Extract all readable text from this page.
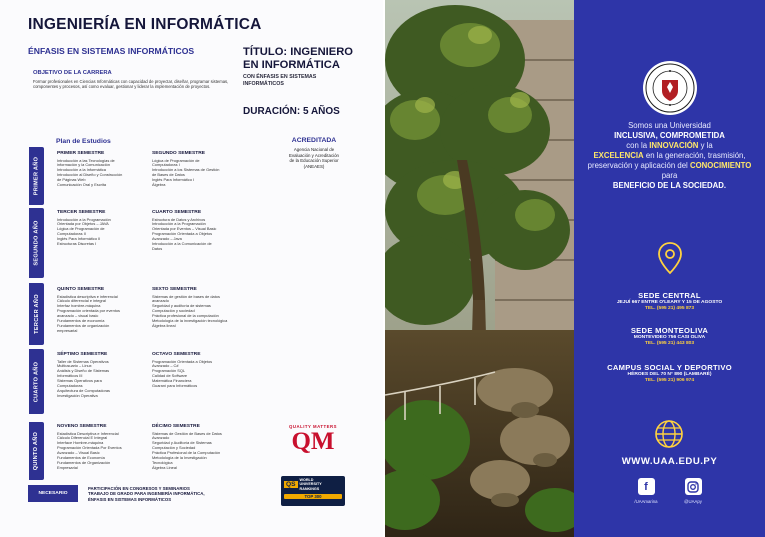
INGENIERÍA EN INFORMÁTICA
ÉNFASIS EN SISTEMAS INFORMÁTICOS
OBJETIVO DE LA CARRERA
Formar profesionales en Ciencias Informáticas con capacidad de proyectar, diseñar, programar sistemas, componentes y procesos, así como evaluar, gestionar y liderar la implementación de proyectos.
TÍTULO: INGENIERO
EN INFORMÁTICA
CON ÉNFASIS EN SISTEMAS
INFORMÁTICOS
DURACIÓN: 5 AÑOS
ACREDITADA
Agencia Nacional de
Evaluación y Acreditación
de la Educación Superior
(ANEAES)
Plan de Estudios
PRIMER AÑO
SEGUNDO AÑO
TERCER AÑO
CUARTO AÑO
QUINTO AÑO
PRIMER SEMESTRE
Introducción a las Tecnologías de
información y la Comunicación
Introducción a la Informática
Introducción al Diseño y Construcción
de Páginas Web
Comunicación Oral y Escrita
SEGUNDO SEMESTRE
Lógica de Programación de
Computadoras I
Introducción a los Sistemas de Gestión
de Bases de Datos
Inglés Para Informático I
Álgebra
TERCER SEMESTRE
Introducción a la Programación
Orientada por Objetos – JAVA
Lógica de Programación de
Computadoras II
Inglés Para Informático II
Estructuras Discretas I
CUARTO SEMESTRE
Estructura de Datos y Archivos
Introducción a la Programación
Orientada por Eventos – Visual Basic
Programación Orientada a Objetos
Avanzado – Java
Introducción a la Comunicación de
Datos
QUINTO SEMESTRE
Estadística descriptiva e inferencial
Cálculo diferencial e integral
Interfaz hombre-máquina
Programación orientada por eventos
avanzado – visual basic
Fundamentos de economía
Fundamentos de organización
empresarial
SEXTO SEMESTRE
Sistemas de gestión de bases de datos
avanzado
Seguridad y auditoría de sistemas
Computación y sociedad
Práctica profesional de la computación
Metodología de la investigación tecnológica
Álgebra lineal
SÉPTIMO SEMESTRE
Taller de Sistemas Operativos
Multiusuario – Linux
Análisis y Diseño de Sistemas
Informáticos III
Sistemas Operativos para
Computadoras
Arquitectura de Computadoras
Investigación Operativa
OCTAVO SEMESTRE
Programación Orientada a Objetos
Avanzado – C#
Programación SQL
Calidad de Software
Matemática Financiera
Guaraní para Informáticos
NOVENO SEMESTRE
Estadística Descriptiva e Inferencial
Cálculo Diferencial E Integral
Interface Hombre-máquina
Programación Orientada Por Eventos
Avanzado – Visual Basic
Fundamentos de Economía
Fundamentos de Organización
Empresarial
DÉCIMO SEMESTRE
Sistemas de Gestión de Bases de Datos
Avanzado
Seguridad y Auditoría de Sistemas
Computación y Sociedad
Práctica Profesional de la Computación
Metodología de la Investigación
Tecnológica
Álgebra Lineal
NECESARIO
PARTICIPACIÓN EN CONGRESOS Y SEMINARIOS
TRABAJO DE GRADO PARA INGENIERÍA INFORMÁTICA,
ÉNFASIS EN SISTEMAS INFORMÁTICOS
QUALITY MATTERS
QM
QS
WORLD
UNIVERSITY
RANKINGS
TOP 300
Somos una Universidad
INCLUSIVA, COMPROMETIDA
con la INNOVACIÓN y la
EXCELENCIA en la generación, trasmisión, preservación y aplicación del CONOCIMIENTO para
BENEFICIO DE LA SOCIEDAD.
SEDE CENTRAL
JEJUÍ 667 ENTRE O'LEARY Y 15 DE AGOSTO
TEL. (595 21) 495 873
SEDE MONTEOLIVA
MONTEVIDEO 756 CASI OLIVA
TEL. (595 21) 443 803
CAMPUS SOCIAL Y DEPORTIVO
HÉROES DEL 70 N° 890 (LAMBARÉ)
TEL. (595 21) 906 974
WWW.UAA.EDU.PY
f
/UAAmarina	@UAApy
